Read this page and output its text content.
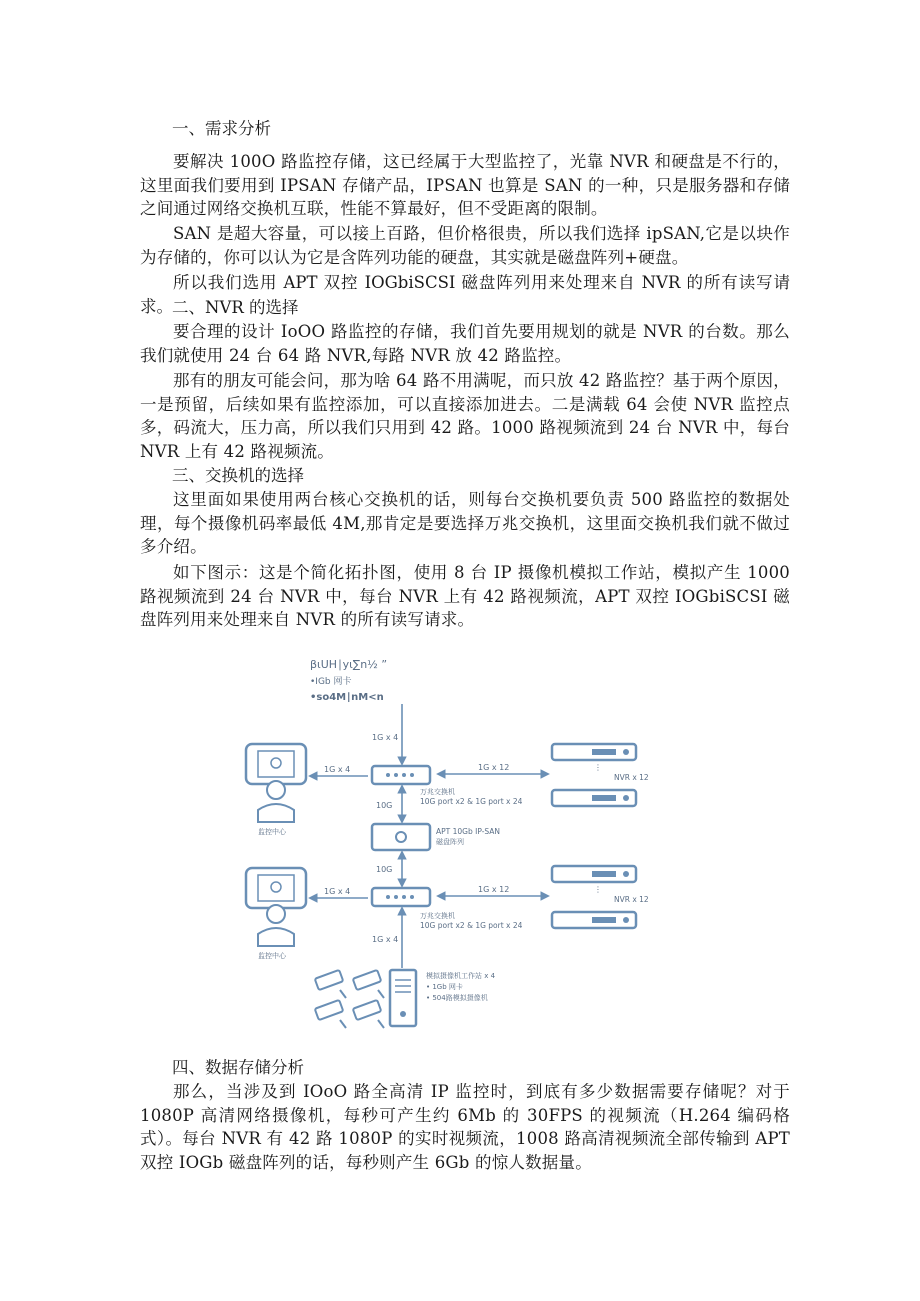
一、需求分析

要解决 100O 路监控存储，这已经属于大型监控了，光靠 NVR 和硬盘是不行的，这里面我们要用到 IPSAN 存储产品，IPSAN 也算是 SAN 的一种，只是服务器和存储之间通过网络交换机互联，性能不算最好，但不受距离的限制。

SAN 是超大容量，可以接上百路，但价格很贵，所以我们选择 ipSAN,它是以块作为存储的，你可以认为它是含阵列功能的硬盘，其实就是磁盘阵列+硬盘。

所以我们选用 APT 双控 IOGbiSCSI 磁盘阵列用来处理来自 NVR 的所有读写请求。 二、NVR 的选择

要合理的设计 IoOO 路监控的存储，我们首先要用规划的就是 NVR 的台数。那么我们就使用 24 台 64 路 NVR,每路 NVR 放 42 路监控。

那有的朋友可能会问，那为啥 64 路不用满呢，而只放 42 路监控？基于两个原因，一是预留，后续如果有监控添加，可以直接添加进去。二是满载 64 会使 NVR 监控点多，码流大，压力高，所以我们只用到 42 路。1000 路视频流到 24 台 NVR 中，每台 NVR 上有 42 路视频流。

三、交换机的选择

这里面如果使用两台核心交换机的话，则每台交换机要负责 500 路监控的数据处理，每个摄像机码率最低 4M,那肯定是要选择万兆交换机，这里面交换机我们就不做过多介绍。

如下图示：这是个简化拓扑图，使用 8 台 IP 摄像机模拟工作站，模拟产生 1000 路视频流到 24 台 NVR 中，每台 NVR 上有 42 路视频流，APT 双控 IOGbiSCSI 磁盘阵列用来处理来自 NVR 的所有读写请求。

βιUH∣yι∑n½ ”
•IGb 网卡
•so4M∣nM<n
1G x 4
监控中心
1G x 4
万兆交换机
10G port x2 & 1G port x 24
1G x 12	⋮
NVR x 12
10G
APT 10Gb IP-SAN
磁盘阵列
10G
监控中心
1G x 4
万兆交换机
10G port x2 & 1G port x 24
1G x 12	⋮
NVR x 12
1G x 4
模拟摄像机工作站 x 4
• 1Gb 网卡
• 504路模拟摄像机

四、数据存储分析

那么，当涉及到 IOoO 路全高清 IP 监控时，到底有多少数据需要存储呢？对于 1080P 高清网络摄像机，每秒可产生约 6Mb 的 30FPS 的视频流（H.264 编码格式）。每台 NVR 有 42 路 1080P 的实时视频流，1008 路高清视频流全部传输到 APT 双控 IOGb 磁盘阵列的话，每秒则产生 6Gb 的惊人数据量。
